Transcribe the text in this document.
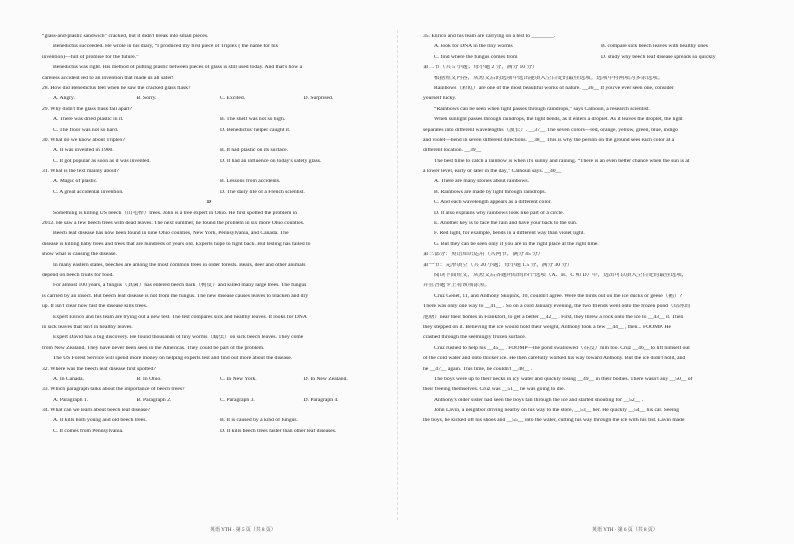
“glass-and-plastic sandwich” cracked, but it didn't break into small pieces.
Benedictus succeeded. He wrote in his diary, “I produced my first piece of Triplex ( the name for his
invention)—full of promise for the future.”
Benedictus was right. His method of putting plastic between pieces of glass is still used today. And that's how a
careless accident led to an invention that made us all safer!
28. How did Benedictus feel when he saw the cracked glass flask?
A. Angry.	B. Sorry.	C. Excited.	D. Surprised.
29. Why didn't the glass flask fall apart?
A. There was dried plastic in it.	B. The shelf was not so high.
C. The floor was not so hard.	D. Benedictus' helper caught it.
30. What do we know about Triplex?
A. It was invented in 1900.	B. It had plastic on its surface.
C. It got popular as soon as it was invented.	D. It had an influence on today's safety glass.
31. What is the text mainly about?
A. Magic of plastic.	B. Lessons from accidents.
C. A great accidental invention.	D. The daily life of a French scientist.
D
Something is killing US beech（山毛榉）trees. John is a tree expert in Ohio. He first spotted the problem in
2012. He saw a few beech trees with dead leaves. The next summer, he found the problem in six more Ohio counties.
Beech leaf disease has now been found in nine Ohio counties, New York, Pennsylvania, and Canada. The
disease is killing baby trees and trees that are hundreds of years old. Experts hope to fight back. But testing has failed to
show what is causing the disease.
In many eastern states, beeches are among the most common trees in older forests. Bears, deer and other animals
depend on beech fruits for food.
For almost 100 years, a fungus（真菌）has entered beech bark（树皮）and killed many large trees. The fungus
is carried by an insect. But beech leaf disease is not from the fungus. The new disease causes leaves to blacken and dry
up. It isn't clear how fast the disease kills trees.
Expert Enrico and his team are trying out a new test. The test compares sick and healthy leaves. It looks for DNA
in sick leaves that isn't in healthy leaves.
Expert David has a big discovery. He found thousands of tiny worms（蠕虫）on sick beech leaves. They come
from New Zealand. They have never been seen in the Americas. They could be part of the problem.
The US Forest Service will spend more money on helping experts test and find out more about the disease.
32. Where was the beech leaf disease first spotted?
A. In Canada.	B. In Ohio.	C. In New York.	D. In New Zealand.
33. Which paragraph talks about the importance of beech trees?
A. Paragraph 1.	B. Paragraph 2.	C. Paragraph 3.	D. Paragraph 4.
34. What can we learn about beech leaf disease?
A. It kills both young and old beech trees.	B. It is caused by a kind of fungus.
C. It comes from Pennsylvania.	D. It kills beech trees faster than other leaf diseases.
35. Enrico and his team are carrying on a test to ________.
A. look for DNA in the tiny worms	B. compare sick beech leaves with healthy ones
C. find where the fungus comes from	D. study why beech leaf disease spreads so quickly
第二节（共 5 小题；每小题 2 分，满分 10 分）
根据短文内容，从短文后的选项中选出能填入空白处的最佳选项。选项中有两项为多余选项。
Rainbows（彩虹）are one of the most beautiful works of nature. __36__ If you've ever seen one, consider
yourself lucky.
“Rainbows can be seen when light passes through raindrops,” says Calhoun, a research scientist.
When sunlight passes through raindrops, the light bends, as it enters a droplet. As it leaves the droplet, the light
separates into different wavelengths（波长）. __37__ The seven colors—red, orange, yellow, green, blue, indigo
and violet—bend in seven different directions. __38__ This is why the person on the ground sees each color at a
different location. __39__
The best time to catch a rainbow is when it's sunny and raining. “There is an even better chance when the sun is at
a lower level, early or later in the day,” Calhoun says. __40__
A. There are many stories about rainbows.
B. Rainbows are made by light through raindrops.
C. And each wavelength appears as a different color.
D. It also explains why rainbows look like part of a circle.
E. Another key is to face the rain and have your back to the sun.
F. Red light, for example, bends in a different way than violet light.
G. But they can be seen only if you are in the right place at the right time.
第三部分：英语知识运用（共两节，满分 45 分）
第一节：完形填空（共 20 小题；每小题 1.5 分，满分 30 分）
阅读下面短文，从短文后各题所给的四个选项（A、B、C 和 D）中，选出可以填入空白处的最佳选项，
并在答题卡上将该项涂黑。
Cruz Genet, 11, and Anthony Skopick, 10, couldn't agree. Were the birds out on the ice ducks or geese（鹅）?
There was only one way to __41__ . So on a cold January evening, the two friends went onto the frozen pond（结冰的
池塘）near their homes in Frankfort, to get a better __42__ . First, they threw a rock onto the ice to __43__ it. Then
they stepped on it. Believing the ice would hold their weight, Anthony took a few __44__ , then... FOOMP. He
crashed through the seemingly frozen surface.
Cruz rushed to help his __45__ . FOOMP—the pond swallowed（吞没）him too. Cruz __46__ to lift himself out
of the cold water and onto thicker ice. He then carefully worked his way toward Anthony. But the ice didn't hold, and
he __47__ again. This time, he couldn't __48__ .
The boys were up to their necks in icy water and quickly losing __49__ in their bodies. There wasn't any __50__ of
their freeing themselves. Cruz was __51__ he was going to die.
Anthony's older sister had seen the boys fall through the ice and started shouting for __52__ .
John Lavin, a neighbor driving nearby on his way to the store, __53__ her. He quickly __54__ his car. Seeing
the boys, he kicked off his shoes and __55__ into the water, cutting his way through the ice with his fist. Lavin made
英语 YTH · 第 5 页（共 8 页）	英语 YTH · 第 6 页（共 8 页）
